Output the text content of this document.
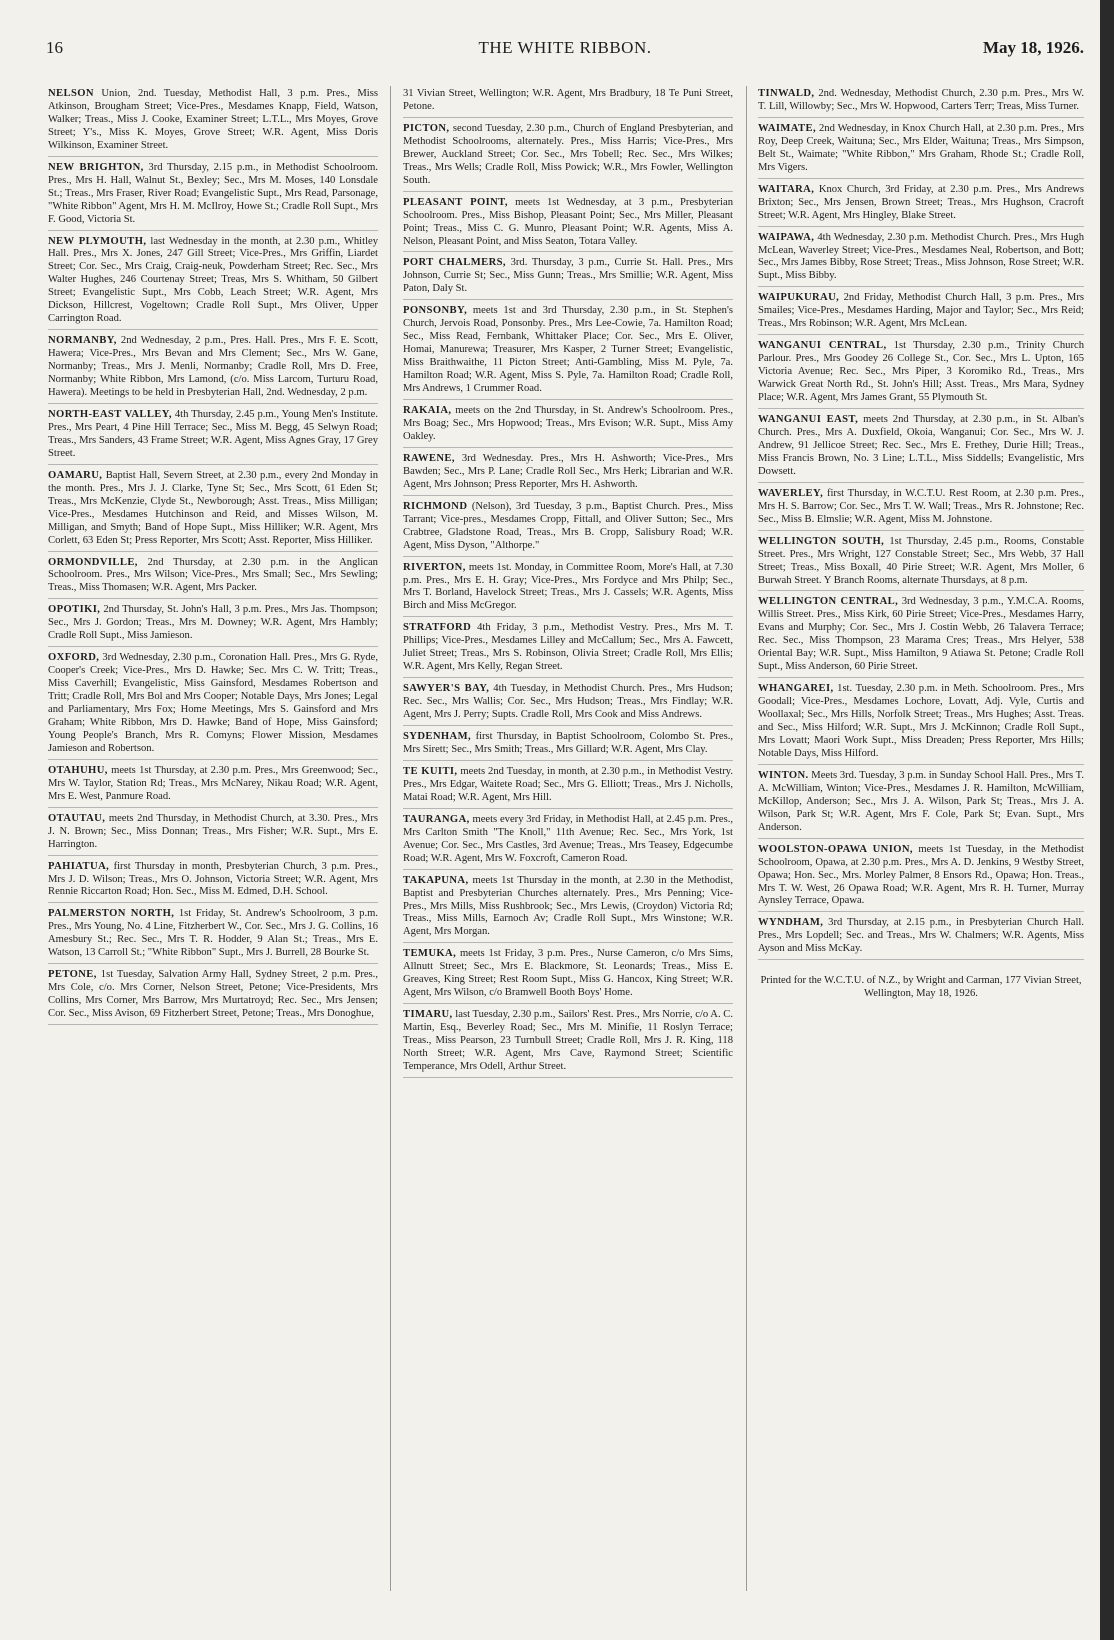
16	THE WHITE RIBBON.	May 18, 1926.
NELSON Union, 2nd. Tuesday, Methodist Hall, 3 p.m. Pres., Miss Atkinson, Brougham Street; Vice-Pres., Mesdames Knapp, Field, Watson, Walker; Treas., Miss J. Cooke, Examiner Street; L.T.L., Mrs Moyes, Grove Street; Y's., Miss K. Moyes, Grove Street; W.R. Agent, Miss Doris Wilkinson, Examiner Street.
NEW BRIGHTON, 3rd Thursday, 2.15 p.m., in Methodist Schoolroom. Pres., Mrs H. Hall, Walnut St., Bexley; Sec., Mrs M. Moses, 140 Lonsdale St.; Treas., Mrs Fraser, River Road; Evangelistic Supt., Mrs Read, Parsonage, "White Ribbon" Agent, Mrs H. M. McIlroy, Howe St.; Cradle Roll Supt., Mrs F. Good, Victoria St.
NEW PLYMOUTH, last Wednesday in the month, at 2.30 p.m., Whitley Hall. Pres., Mrs X. Jones, 247 Gill Street; Vice-Pres., Mrs Griffin, Liardet Street; Cor. Sec., Mrs Craig, Craig-neuk, Powderham Street; Rec. Sec., Mrs Walter Hughes, 246 Courtenay Street; Treas, Mrs S. Whitham, 50 Gilbert Street; Evangelistic Supt., Mrs Cobb, Leach Street; W.R. Agent, Mrs Dickson, Hillcrest, Vogeltown; Cradle Roll Supt., Mrs Oliver, Upper Carrington Road.
NORMANBY, 2nd Wednesday, 2 p.m., Pres. Hall. Pres., Mrs F. E. Scott, Hawera; Vice-Pres., Mrs Bevan and Mrs Clement; Sec., Mrs W. Gane, Normanby; Treas., Mrs J. Menli, Normanby; Cradle Roll, Mrs D. Free, Normanby; White Ribbon, Mrs Lamond, (c/o. Miss Larcom, Turturu Road, Hawera). Meetings to be held in Presbyterian Hall, 2nd. Wednesday, 2 p.m.
NORTH-EAST VALLEY, 4th Thursday, 2.45 p.m., Young Men's Institute. Pres., Mrs Peart, 4 Pine Hill Terrace; Sec., Miss M. Begg, 45 Selwyn Road; Treas., Mrs Sanders, 43 Frame Street; W.R. Agent, Miss Agnes Gray, 17 Grey Street.
OAMARU, Baptist Hall, Severn Street, at 2.30 p.m., every 2nd Monday in the month. Pres., Mrs J. J. Clarke, Tyne St; Sec., Mrs Scott, 61 Eden St; Treas., Mrs McKenzie, Clyde St., Newborough; Asst. Treas., Miss Milligan; Vice-Pres., Mesdames Hutchinson and Reid, and Misses Wilson, M. Milligan, and Smyth; Band of Hope Supt., Miss Hilliker; W.R. Agent, Mrs Corlett, 63 Eden St; Press Reporter, Mrs Scott; Asst. Reporter, Miss Hilliker.
ORMONDVILLE, 2nd Thursday, at 2.30 p.m. in the Anglican Schoolroom. Pres., Mrs Wilson; Vice-Pres., Mrs Small; Sec., Mrs Sewling; Treas., Miss Thomasen; W.R. Agent, Mrs Packer.
OPOTIKI, 2nd Thursday, St. John's Hall, 3 p.m. Pres., Mrs Jas. Thompson; Sec., Mrs J. Gordon; Treas., Mrs M. Downey; W.R. Agent, Mrs Hambly; Cradle Roll Supt., Miss Jamieson.
OXFORD, 3rd Wednesday, 2.30 p.m., Coronation Hall. Pres., Mrs G. Ryde, Cooper's Creek; Vice-Pres., Mrs D. Hawke; Sec. Mrs C. W. Tritt; Treas., Miss Caverhill; Evangelistic, Miss Gainsford, Mesdames Robertson and Tritt; Cradle Roll, Mrs Bol and Mrs Cooper; Notable Days, Mrs Jones; Legal and Parliamentary, Mrs Fox; Home Meetings, Mrs S. Gainsford and Mrs Graham; White Ribbon, Mrs D. Hawke; Band of Hope, Miss Gainsford; Young People's Branch, Mrs R. Comyns; Flower Mission, Mesdames Jamieson and Robertson.
OTAHUHU, meets 1st Thursday, at 2.30 p.m. Pres., Mrs Greenwood; Sec., Mrs W. Taylor, Station Rd; Treas., Mrs McNarey, Nikau Road; W.R. Agent, Mrs E. West, Panmure Road.
OTAUTAU, meets 2nd Thursday, in Methodist Church, at 3.30. Pres., Mrs J. N. Brown; Sec., Miss Donnan; Treas., Mrs Fisher; W.R. Supt., Mrs E. Harrington.
PAHIATUA, first Thursday in month, Presbyterian Church, 3 p.m. Pres., Mrs J. D. Wilson; Treas., Mrs O. Johnson, Victoria Street; W.R. Agent, Mrs Rennie Riccarton Road; Hon. Sec., Miss M. Edmed, D.H. School.
PALMERSTON NORTH, 1st Friday, St. Andrew's Schoolroom, 3 p.m. Pres., Mrs Young, No. 4 Line, Fitzherbert W., Cor. Sec., Mrs J. G. Collins, 16 Amesbury St.; Rec. Sec., Mrs T. R. Hodder, 9 Alan St.; Treas., Mrs E. Watson, 13 Carroll St.; "White Ribbon" Supt., Mrs J. Burrell, 28 Bourke St.
PETONE, 1st Tuesday, Salvation Army Hall, Sydney Street, 2 p.m. Pres., Mrs Cole, c/o. Mrs Corner, Nelson Street, Petone; Vice-Presidents, Mrs Collins, Mrs Corner, Mrs Barrow, Mrs Murtatroyd; Rec. Sec., Mrs Jensen; Cor. Sec., Miss Avison, 69 Fitzherbert Street, Petone; Treas., Mrs Donoghue,
31 Vivian Street, Wellington; W.R. Agent, Mrs Bradbury, 18 Te Puni Street, Petone.
PICTON, second Tuesday, 2.30 p.m., Church of England Presbyterian, and Methodist Schoolrooms, alternately. Pres., Miss Harris; Vice-Pres., Mrs Brewer, Auckland Street; Cor. Sec., Mrs Tobell; Rec. Sec., Mrs Wilkes; Treas., Mrs Wells; Cradle Roll, Miss Powick; W.R., Mrs Fowler, Wellington South.
PLEASANT POINT, meets 1st Wednesday, at 3 p.m., Presbyterian Schoolroom. Pres., Miss Bishop, Pleasant Point; Sec., Mrs Miller, Pleasant Point; Treas., Miss C. G. Munro, Pleasant Point; W.R. Agents, Miss A. Nelson, Pleasant Point, and Miss Seaton, Totara Valley.
PORT CHALMERS, 3rd. Thursday, 3 p.m., Currie St. Hall. Pres., Mrs Johnson, Currie St; Sec., Miss Gunn; Treas., Mrs Smillie; W.R. Agent, Miss Paton, Daly St.
PONSONBY, meets 1st and 3rd Thursday, 2.30 p.m., in St. Stephen's Church, Jervois Road, Ponsonby. Pres., Mrs Lee-Cowie, 7a. Hamilton Road; Sec., Miss Read, Fernbank, Whittaker Place; Cor. Sec., Mrs E. Oliver, Homai, Manurewa; Treasurer, Mrs Kasper, 2 Turner Street; Evangelistic, Miss Braithwaithe, 11 Picton Street; Anti-Gambling, Miss M. Pyle, 7a. Hamilton Road; W.R. Agent, Miss S. Pyle, 7a. Hamilton Road; Cradle Roll, Mrs Andrews, 1 Crummer Road.
RAKAIA, meets on the 2nd Thursday, in St. Andrew's Schoolroom. Pres., Mrs Boag; Sec., Mrs Hopwood; Treas., Mrs Evison; W.R. Supt., Miss Amy Oakley.
RAWENE, 3rd Wednesday. Pres., Mrs H. Ashworth; Vice-Pres., Mrs Bawden; Sec., Mrs P. Lane; Cradle Roll Sec., Mrs Herk; Librarian and W.R. Agent, Mrs Johnson; Press Reporter, Mrs H. Ashworth.
RICHMOND (Nelson), 3rd Tuesday, 3 p.m., Baptist Church. Pres., Miss Tarrant; Vice-pres., Mesdames Cropp, Fittall, and Oliver Sutton; Sec., Mrs Crabtree, Gladstone Road, Treas., Mrs B. Cropp, Salisbury Road; W.R. Agent, Miss Dyson, "Althorpe."
RIVERTON, meets 1st. Monday, in Committee Room, More's Hall, at 7.30 p.m. Pres., Mrs E. H. Gray; Vice-Pres., Mrs Fordyce and Mrs Philp; Sec., Mrs T. Borland, Havelock Street; Treas., Mrs J. Cassels; W.R. Agents, Miss Birch and Miss McGregor.
STRATFORD 4th Friday, 3 p.m., Methodist Vestry. Pres., Mrs M. T. Phillips; Vice-Pres., Mesdames Lilley and McCallum; Sec., Mrs A. Fawcett, Juliet Street; Treas., Mrs S. Robinson, Olivia Street; Cradle Roll, Mrs Ellis; W.R. Agent, Mrs Kelly, Regan Street.
SAWYER'S BAY, 4th Tuesday, in Methodist Church. Pres., Mrs Hudson; Rec. Sec., Mrs Wallis; Cor. Sec., Mrs Hudson; Treas., Mrs Findlay; W.R. Agent, Mrs J. Perry; Supts. Cradle Roll, Mrs Cook and Miss Andrews.
SYDENHAM, first Thursday, in Baptist Schoolroom, Colombo St. Pres., Mrs Sirett; Sec., Mrs Smith; Treas., Mrs Gillard; W.R. Agent, Mrs Clay.
TE KUITI, meets 2nd Tuesday, in month, at 2.30 p.m., in Methodist Vestry. Pres., Mrs Edgar, Waitete Road; Sec., Mrs G. Elliott; Treas., Mrs J. Nicholls, Matai Road; W.R. Agent, Mrs Hill.
TAURANGA, meets every 3rd Friday, in Methodist Hall, at 2.45 p.m. Pres., Mrs Carlton Smith "The Knoll," 11th Avenue; Rec. Sec., Mrs York, 1st Avenue; Cor. Sec., Mrs Castles, 3rd Avenue; Treas., Mrs Teasey, Edgecumbe Road; W.R. Agent, Mrs W. Foxcroft, Cameron Road.
TAKAPUNA, meets 1st Thursday in the month, at 2.30 in the Methodist, Baptist and Presbyterian Churches alternately. Pres., Mrs Penning; Vice-Pres., Mrs Mills, Miss Rushbrook; Sec., Mrs Lewis, (Croydon) Victoria Rd; Treas., Miss Mills, Earnoch Av; Cradle Roll Supt., Mrs Winstone; W.R. Agent, Mrs Morgan.
TEMUKA, meets 1st Friday, 3 p.m. Pres., Nurse Cameron, c/o Mrs Sims, Allnutt Street; Sec., Mrs E. Blackmore, St. Leonards; Treas., Miss E. Greaves, King Street; Rest Room Supt., Miss G. Hancox, King Street; W.R. Agent, Mrs Wilson, c/o Bramwell Booth Boys' Home.
TIMARU, last Tuesday, 2.30 p.m., Sailors' Rest. Pres., Mrs Norrie, c/o A. C. Martin, Esq., Beverley Road; Sec., Mrs M. Minifie, 11 Roslyn Terrace; Treas., Miss Pearson, 23 Turnbull Street; Cradle Roll, Mrs J. R. King, 118 North Street; W.R. Agent, Mrs Cave, Raymond Street; Scientific Temperance, Mrs Odell, Arthur Street.
TINWALD, 2nd. Wednesday, Methodist Church, 2.30 p.m. Pres., Mrs W. T. Lill, Willowby; Sec., Mrs W. Hopwood, Carters Terr; Treas, Miss Turner.
WAIMATE, 2nd Wednesday, in Knox Church Hall, at 2.30 p.m. Pres., Mrs Roy, Deep Creek, Waituna; Sec., Mrs Elder, Waituna; Treas., Mrs Simpson, Belt St., Waimate; "White Ribbon," Mrs Graham, Rhode St.; Cradle Roll, Mrs Vigers.
WAITARA, Knox Church, 3rd Friday, at 2.30 p.m. Pres., Mrs Andrews Brixton; Sec., Mrs Jensen, Brown Street; Treas., Mrs Hughson, Cracroft Street; W.R. Agent, Mrs Hingley, Blake Street.
WAIPAWA, 4th Wednesday, 2.30 p.m. Methodist Church. Pres., Mrs Hugh McLean, Waverley Street; Vice-Pres., Mesdames Neal, Robertson, and Bott; Sec., Mrs James Bibby, Rose Street; Treas., Miss Johnson, Rose Street; W.R. Supt., Miss Bibby.
WAIPUKURAU, 2nd Friday, Methodist Church Hall, 3 p.m. Pres., Mrs Smailes; Vice-Pres., Mesdames Harding, Major and Taylor; Sec., Mrs Reid; Treas., Mrs Robinson; W.R. Agent, Mrs McLean.
WANGANUI CENTRAL, 1st Thursday, 2.30 p.m., Trinity Church Parlour. Pres., Mrs Goodey 26 College St., Cor. Sec., Mrs L. Upton, 165 Victoria Avenue; Rec. Sec., Mrs Piper, 3 Koromiko Rd., Treas., Mrs Warwick Great North Rd., St. John's Hill; Asst. Treas., Mrs Mara, Sydney Place; W.R. Agent, Mrs James Grant, 55 Plymouth St.
WANGANUI EAST, meets 2nd Thursday, at 2.30 p.m., in St. Alban's Church. Pres., Mrs A. Duxfield, Okoia, Wanganui; Cor. Sec., Mrs W. J. Andrew, 91 Jellicoe Street; Rec. Sec., Mrs E. Frethey, Durie Hill; Treas., Miss Francis Brown, No. 3 Line; L.T.L., Miss Siddells; Evangelistic, Mrs Dowsett.
WAVERLEY, first Thursday, in W.C.T.U. Rest Room, at 2.30 p.m. Pres., Mrs H. S. Barrow; Cor. Sec., Mrs T. W. Wall; Treas., Mrs R. Johnstone; Rec. Sec., Miss B. Elmslie; W.R. Agent, Miss M. Johnstone.
WELLINGTON SOUTH, 1st Thursday, 2.45 p.m., Rooms, Constable Street. Pres., Mrs Wright, 127 Constable Street; Sec., Mrs Webb, 37 Hall Street; Treas., Miss Boxall, 40 Pirie Street; W.R. Agent, Mrs Moller, 6 Burwah Street. Y Branch Rooms, alternate Thursdays, at 8 p.m.
WELLINGTON CENTRAL, 3rd Wednesday, 3 p.m., Y.M.C.A. Rooms, Willis Street. Pres., Miss Kirk, 60 Pirie Street; Vice-Pres., Mesdames Harry, Evans and Murphy; Cor. Sec., Mrs J. Costin Webb, 26 Talavera Terrace; Rec. Sec., Miss Thompson, 23 Marama Cres; Treas., Mrs Helyer, 538 Oriental Bay; W.R. Supt., Miss Hamilton, 9 Atiawa St. Petone; Cradle Roll Supt., Miss Anderson, 60 Pirie Street.
WHANGAREI, 1st. Tuesday, 2.30 p.m. in Meth. Schoolroom. Pres., Mrs Goodall; Vice-Pres., Mesdames Lochore, Lovatt, Adj. Vyle, Curtis and Woollaxal; Sec., Mrs Hills, Norfolk Street; Treas., Mrs Hughes; Asst. Treas. and Sec., Miss Hilford; W.R. Supt., Mrs J. McKinnon; Cradle Roll Supt., Mrs Lovatt; Maori Work Supt., Miss Dreaden; Press Reporter, Mrs Hills; Notable Days, Miss Hilford.
WINTON. Meets 3rd. Tuesday, 3 p.m. in Sunday School Hall. Pres., Mrs T. A. McWilliam, Winton; Vice-Pres., Mesdames J. R. Hamilton, McWilliam, McKillop, Anderson; Sec., Mrs J. A. Wilson, Park St; Treas., Mrs J. A. Wilson, Park St; W.R. Agent, Mrs F. Cole, Park St; Evan. Supt., Mrs Anderson.
WOOLSTON-OPAWA UNION, meets 1st Tuesday, in the Methodist Schoolroom, Opawa, at 2.30 p.m. Pres., Mrs A. D. Jenkins, 9 Westby Street, Opawa; Hon. Sec., Mrs. Morley Palmer, 8 Ensors Rd., Opawa; Hon. Treas., Mrs T. W. West, 26 Opawa Road; W.R. Agent, Mrs R. H. Turner, Murray Aynsley Terrace, Opawa.
WYNDHAM, 3rd Thursday, at 2.15 p.m., in Presbyterian Church Hall. Pres., Mrs Lopdell; Sec. and Treas., Mrs W. Chalmers; W.R. Agents, Miss Ayson and Miss McKay.
Printed for the W.C.T.U. of N.Z., by Wright and Carman, 177 Vivian Street, Wellington, May 18, 1926.
